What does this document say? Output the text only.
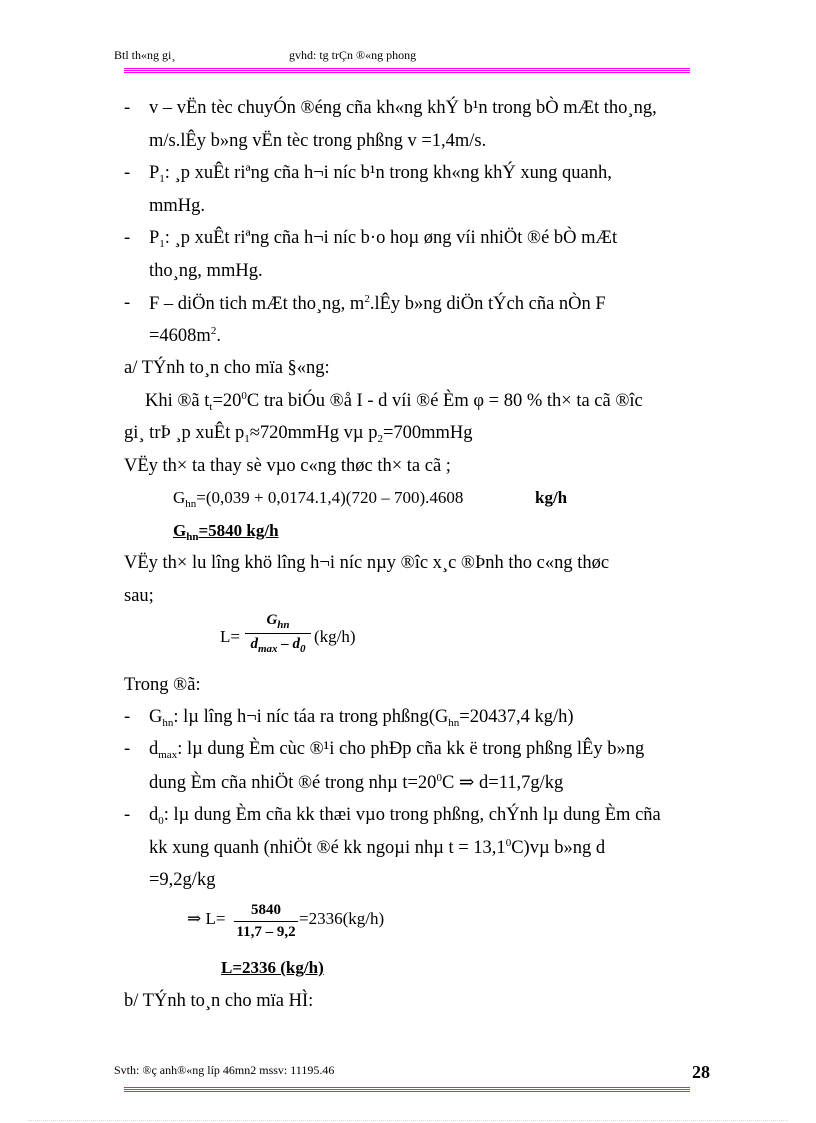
Btl th«ng gi¸	gvhd: tg trÇn ®«ng phong
- v – vËn tèc chuyÓn ®éng cña kh«ng khÝ b¹n trong bÒ mÆt tho¸ng,
m/s.lÊy b»ng vËn tèc trong phßng v =1,4m/s.
- $P_1$: ¸p xuÊt riªng cña h¬i níc b¹n trong kh«ng khÝ xung quanh,
mmHg.
- $P_1$: ¸p xuÊt riªng cña h¬i níc b·o hoµ øng víi nhiÖt ®é bÒ mÆt
tho¸ng, mmHg.
- F – diÖn tich mÆt tho¸ng, $m^2.lÊy$ b»ng diÖn tÝch cña nÒn F
$=4608m^2$.
a/ TÝnh to¸n cho mïa §«ng:
Khi ®ã $t_t=20^0C$ tra biÓu ®å I - d víi ®é Èm φ = 80 % th× ta cã ®îc
gi¸ trÞ ¸p xuÊt $p_1\approx 720mmHg$ vµ $p_2=700mmHg$
VËy th× ta thay sè vµo c«ng thøc th× ta cã ;
$G_{hn}=(0,039 + 0,0174.1,4)(720 - 700).4608$	kg/h
$G_{hn}=5840$ kg/h
VËy th× lu lîng khö lîng h¬i níc nµy ®îc x¸c ®Þnh tho c«ng thøc
sau;
L=
$G_{hn}$
$d_{max} - d_0$
(kg/h)
Trong ®ã:
- $G_{hn}$: lµ lîng h¬i níc táa ra trong $phßng(G_{hn}=20437,4$ kg/h)
- $d_{max}$: lµ dung Èm cùc ®¹i cho phÐp cña kk ë trong phßng lÊy b»ng
dung Èm cña nhiÖt ®é trong nhµ $t=20^0C$ ⇒ d=11,7g/kg
- $d_0$: lµ dung Èm cña kk thæi vµo trong phßng, chÝnh lµ dung Èm cña
kk xung quanh (nhiÖt ®é kk ngoµi nhµ $t = 13,1^0C)v\mu$ b»ng d
=9,2g/kg
⇒ L=	5840
11,7 – 9,2
=2336(kg/h)
L=2336 (kg/h)
b/ TÝnh to¸n cho mïa HÌ:
Svth: ®ç anh®«ng líp 46mn2 mssv: 11195.46	28
